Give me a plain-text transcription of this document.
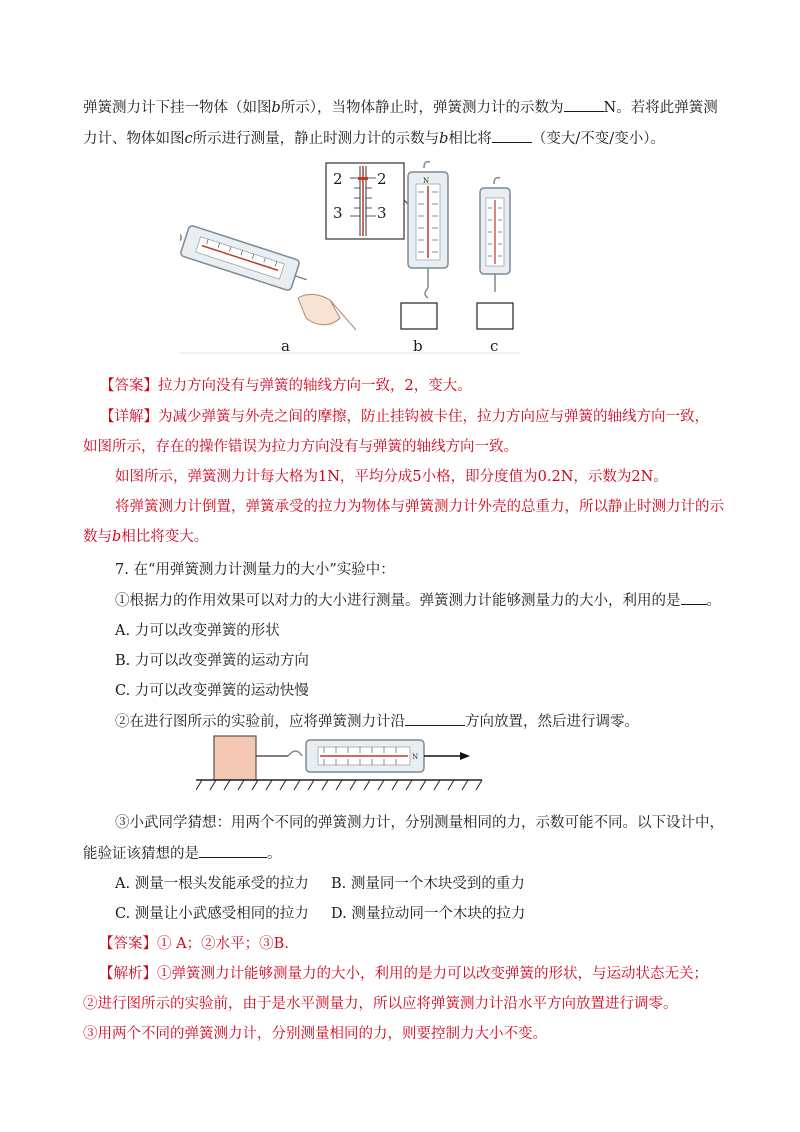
弹簧测力计下挂一物体（如图b所示），当物体静止时，弹簧测力计的示数为	N。若将此弹簧测
力计、物体如图c所示进行测量，静止时测力计的示数与b相比将	（变大/不变/变小）。
N
2
3
2
3
a	b	c
【答案】拉力方向没有与弹簧的轴线方向一致，2，变大。
【详解】为减少弹簧与外壳之间的摩擦，防止挂钩被卡住，拉力方向应与弹簧的轴线方向一致，
如图所示，存在的操作错误为拉力方向没有与弹簧的轴线方向一致。
如图所示，弹簧测力计每大格为1N，平均分成5小格，即分度值为0.2N，示数为2N。
将弹簧测力计倒置，弹簧承受的拉力为物体与弹簧测力计外壳的总重力，所以静止时测力计的示
数与b相比将变大。
7. 在“用弹簧测力计测量力的大小”实验中：
①根据力的作用效果可以对力的大小进行测量。弹簧测力计能够测量力的大小，利用的是 。
A. 力可以改变弹簧的形状
B. 力可以改变弹簧的运动方向
C. 力可以改变弹簧的运动快慢
②在进行图所示的实验前，应将弹簧测力计沿	方向放置，然后进行调零。
N
③小武同学猜想：用两个不同的弹簧测力计，分别测量相同的力，示数可能不同。以下设计中，
能验证该猜想的是	。
A. 测量一根头发能承受的拉力 B. 测量同一个木块受到的重力
C. 测量让小武感受相同的拉力 D. 测量拉动同一个木块的拉力
【答案】① A；②水平；③B.
【解析】①弹簧测力计能够测量力的大小，利用的是力可以改变弹簧的形状，与运动状态无关；
②进行图所示的实验前，由于是水平测量力，所以应将弹簧测力计沿水平方向放置进行调零。
③用两个不同的弹簧测力计，分别测量相同的力，则要控制力大小不变。
